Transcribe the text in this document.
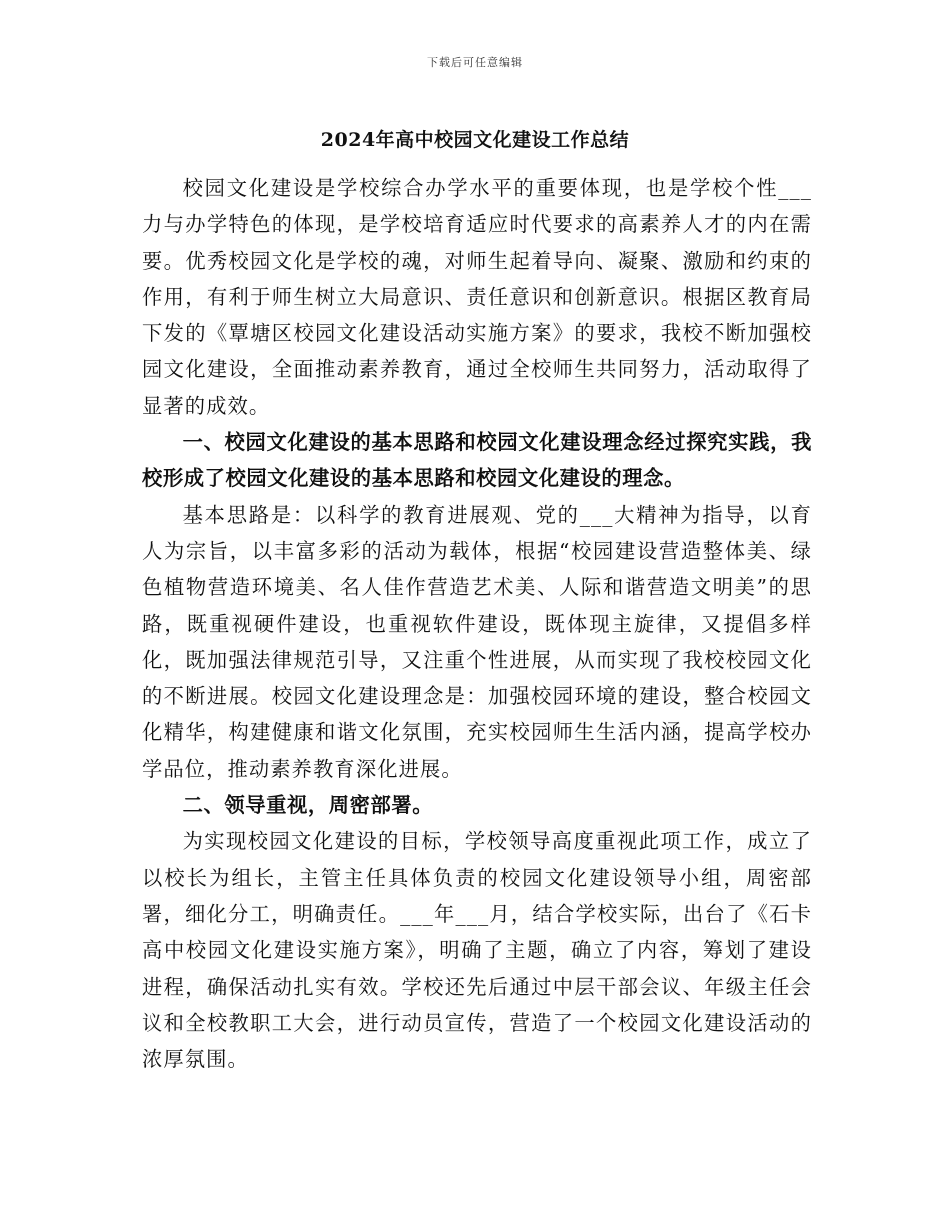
下载后可任意编辑
2024年高中校园文化建设工作总结

校园文化建设是学校综合办学水平的重要体现，也是学校个性___力与办学特色的体现，是学校培育适应时代要求的高素养人才的内在需要。优秀校园文化是学校的魂，对师生起着导向、凝聚、激励和约束的作用，有利于师生树立大局意识、责任意识和创新意识。根据区教育局下发的《覃塘区校园文化建设活动实施方案》的要求，我校不断加强校园文化建设，全面推动素养教育，通过全校师生共同努力，活动取得了显著的成效。

一、校园文化建设的基本思路和校园文化建设理念经过探究实践，我校形成了校园文化建设的基本思路和校园文化建设的理念。

基本思路是：以科学的教育进展观、党的___大精神为指导，以育人为宗旨，以丰富多彩的活动为载体，根据“校园建设营造整体美、绿色植物营造环境美、名人佳作营造艺术美、人际和谐营造文明美”的思路，既重视硬件建设，也重视软件建设，既体现主旋律，又提倡多样化，既加强法律规范引导，又注重个性进展，从而实现了我校校园文化的不断进展。校园文化建设理念是：加强校园环境的建设，整合校园文化精华，构建健康和谐文化氛围，充实校园师生生活内涵，提高学校办学品位，推动素养教育深化进展。

二、领导重视，周密部署。

为实现校园文化建设的目标，学校领导高度重视此项工作，成立了以校长为组长，主管主任具体负责的校园文化建设领导小组，周密部署，细化分工，明确责任。___年___月，结合学校实际，出台了《石卡高中校园文化建设实施方案》，明确了主题，确立了内容，筹划了建设进程，确保活动扎实有效。学校还先后通过中层干部会议、年级主任会议和全校教职工大会，进行动员宣传，营造了一个校园文化建设活动的浓厚氛围。
